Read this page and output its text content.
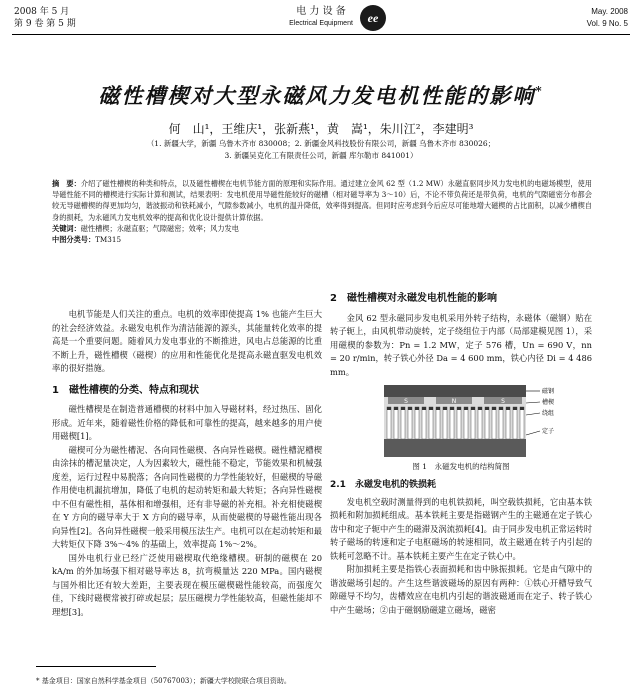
2008 年 5 月
第 9 卷 第 5 期
电 力 设 备
Electrical Equipment	ee	May. 2008
Vol. 9 No. 5
磁性槽楔对大型永磁风力发电机性能的影响*
何　山¹，王维庆¹，张新燕¹，黄　嵩¹，朱川江²，李建明³
（1. 新疆大学，新疆 乌鲁木齐市 830008；2. 新疆金风科技股份有限公司，新疆 乌鲁木齐市 830026；
3. 新疆吴克化工有限责任公司，新疆 库尔勒市 841001）
摘　要：介绍了磁性槽楔的种类和特点，以及磁性槽楔在电机节能方面的原理和实际作用。通过建立金风 62 型（1.2 MW）永磁直驱同步风力发电机的电磁场模型，使用导磁性能不同的槽楔进行实际计算和测试，结果表明：发电机使用导磁性能较好的磁槽（相对磁导率为 3～10）后，不论不带负荷还是带负荷，电机的气隙磁密分布都会较无导磁槽楔的得更加均匀，谐波振动和铁耗减小，气隙参数减小，电机的温升降低，效率得到提高。但同时应考虑到今后应尽可能地增大磁楔的占比面积，以减少槽楔自身的损耗，为永磁风力发电机效率的提高和优化设计提供计算依据。
关键词：磁性槽楔；永磁直驱；气隙磁密；效率；风力发电
中图分类号：TM315

电机节能是人们关注的重点。电机的效率即使提高 1% 也能产生巨大的社会经济效益。永磁发电机作为清洁能源的源头，其能量转化效率的提高是一个重要问题。随着风力发电事业的不断推进，风电占总能源的比重不断上升，磁性槽楔（磁楔）的应用和性能优化是提高永磁直驱发电机效率的很好措施。

1　磁性槽楔的分类、特点和现状

磁性槽楔是在制造普通槽楔的材料中加入导磁材料，经过热压、固化形成。近年来，随着磁性价格的降低和可靠性的提高，越来越多的用户使用磁楔[1]。

磁楔可分为磁性槽泥、各向同性磁楔、各向异性磁楔。磁性槽泥槽楔由涂抹的槽泥量决定，人为因素较大，磁性能不稳定，节能效果和机械强度差，运行过程中易脱落；各向同性磁楔的力学性能较好，但磁楔的导磁作用使电机漏抗增加，降低了电机的起动转矩和最大转矩；各向异性磁楔中不但有磁性相，基体相和增强相，还有非导磁的补充相。补充相使磁楔在 Y 方向的磁导率大于 X 方向的磁导率，从而使磁楔的导磁性能出现各向异性[2]。各向异性磁楔一般采用模压法生产。电机可以在起动转矩和最大转矩仅下降 3%～4% 的基础上，效率提高 1%～2%。

国外电机行业已经广泛使用磁楔取代绝缘槽楔。研制的磁楔在 20 kA/m 的外加场强下相对磁导率达 8，抗弯模量达 220 MPa。国内磁楔与国外相比还有较大差距，主要表现在模压磁楔磁性能较高，而强度欠佳，下线时磁楔常被打碎或起层；层压磁楔力学性能较高，但磁性能却不理想[3]。

2　磁性槽楔对永磁发电机性能的影响

金风 62 型永磁同步发电机采用外转子结构，永磁体（磁钢）贴在转子轭上，由风机带动旋转，定子绕组位于内部（局部建模见图 1），采用磁楔的参数为：Pn = 1.2 MW，定子 576 槽，Un = 690 V，nn = 20 r/min，转子铁心外径 Da = 4 600 mm，铁心内径 Di = 4 486 mm。

S	N	S
磁钢
槽楔
绕组
定子
图 1　永磁发电机的结构简图
2.1　永磁发电机的铁损耗

发电机空载时测量得到的电机铁损耗，叫空载铁损耗，它由基本铁损耗和附加损耗组成。基本铁耗主要是指磁钢产生的主磁通在定子铁心齿中和定子轭中产生的磁滞及涡流损耗[4]。由于同步发电机正常运转时转子磁场的转速和定子电枢磁场的转速相同，故主磁通在转子内引起的铁耗可忽略不计。基本铁耗主要产生在定子铁心中。

附加损耗主要是指铁心表面损耗和齿中脉振损耗。它是由气隙中的谐波磁场引起的。产生这些谐波磁场的原因有两种：①铁心开槽导致气隙磁导不均匀，齿槽效应在电机内引起的谐波磁通而在定子、转子铁心中产生磁场；②由于磁钢励磁建立磁场，磁密

* 基金项目：国家自然科学基金项目（50767003）；新疆大学校院联合项目资助。
